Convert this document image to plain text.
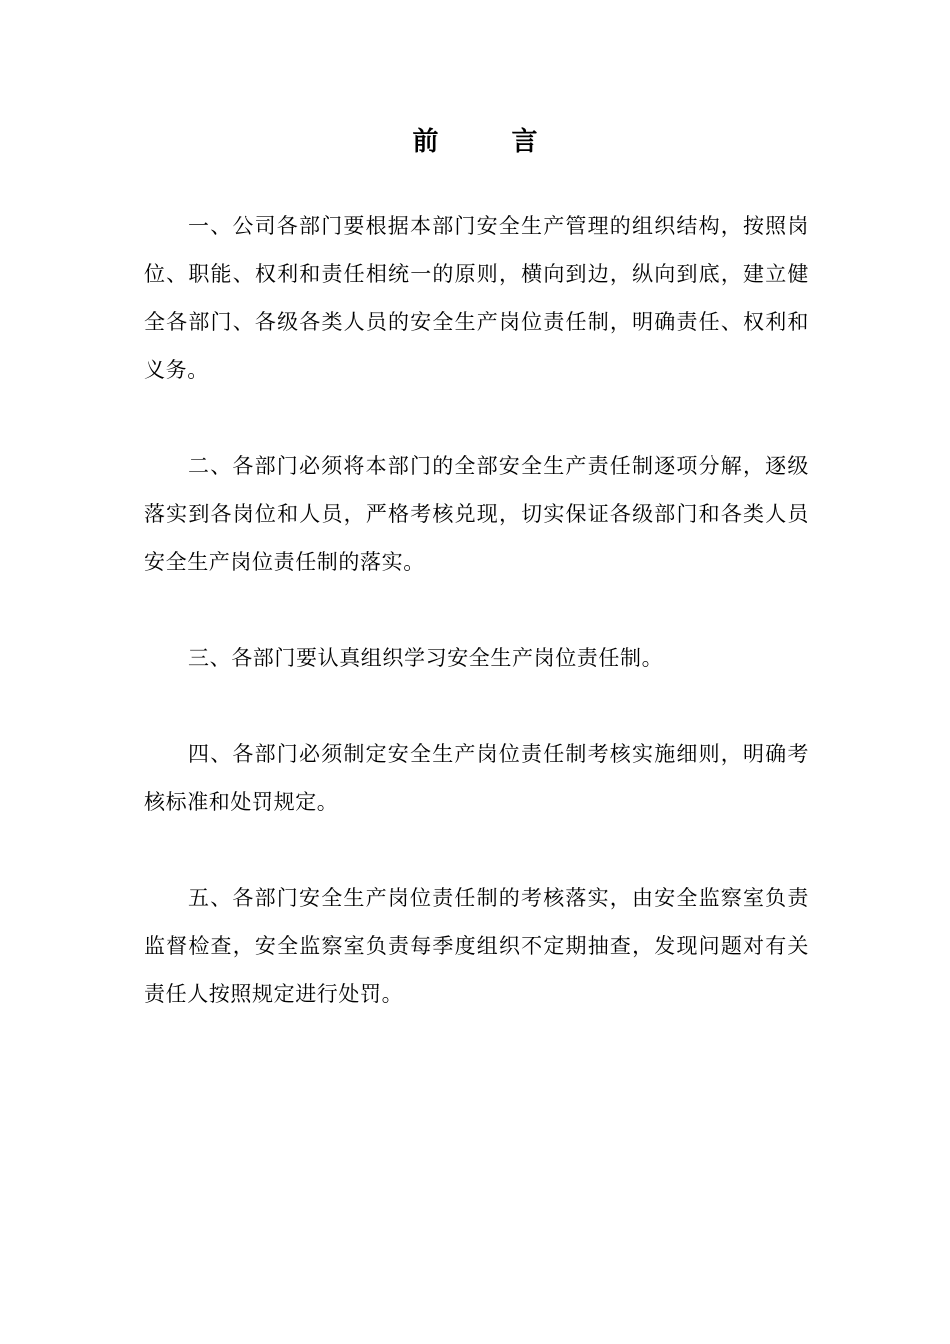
前 言

一、公司各部门要根据本部门安全生产管理的组织结构，按照岗位、职能、权利和责任相统一的原则，横向到边，纵向到底，建立健全各部门、各级各类人员的安全生产岗位责任制，明确责任、权利和义务。

二、各部门必须将本部门的全部安全生产责任制逐项分解，逐级落实到各岗位和人员，严格考核兑现，切实保证各级部门和各类人员安全生产岗位责任制的落实。

三、各部门要认真组织学习安全生产岗位责任制。

四、各部门必须制定安全生产岗位责任制考核实施细则，明确考核标准和处罚规定。

五、各部门安全生产岗位责任制的考核落实，由安全监察室负责监督检查，安全监察室负责每季度组织不定期抽查，发现问题对有关责任人按照规定进行处罚。
